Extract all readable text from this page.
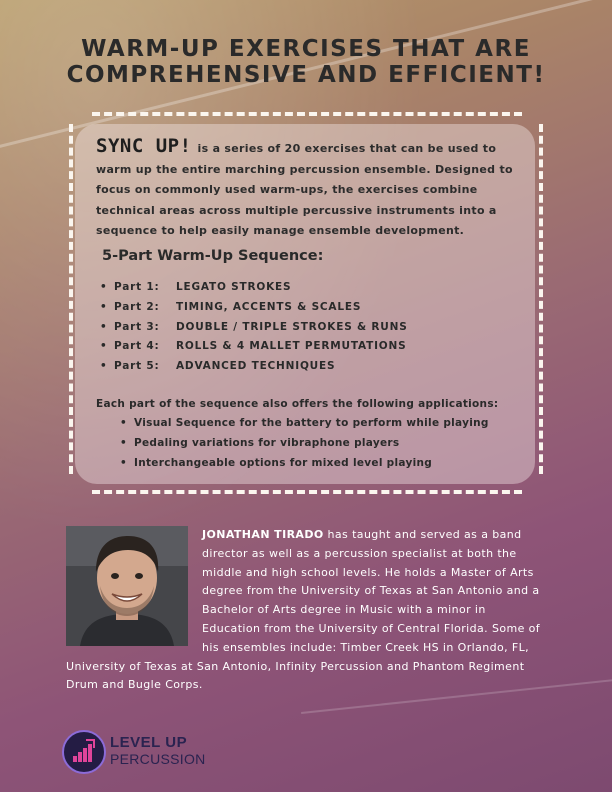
WARM-UP EXERCISES THAT ARE
COMPREHENSIVE AND EFFICIENT!

SYNC UP! is a series of 20 exercises that can be used to warm up the entire marching percussion ensemble. Designed to focus on commonly used warm-ups, the exercises combine technical areas across multiple percussive instruments into a sequence to help easily manage ensemble development.

5-Part Warm-Up Sequence:
• Part 1: LEGATO STROKES
• Part 2: TIMING, ACCENTS & SCALES
• Part 3: DOUBLE / TRIPLE STROKES & RUNS
• Part 4: ROLLS & 4 MALLET PERMUTATIONS
• Part 5: ADVANCED TECHNIQUES

Each part of the sequence also offers the following applications:

• Visual Sequence for the battery to perform while playing
• Pedaling variations for vibraphone players
• Interchangeable options for mixed level playing

JONATHAN TIRADO has taught and served as a band director as well as a percussion specialist at both the middle and high school levels. He holds a Master of Arts degree from the University of Texas at San Antonio and a Bachelor of Arts degree in Music with a minor in Education from the University of Central Florida. Some of his ensembles include: Timber Creek HS in Orlando, FL, University of Texas at San Antonio, Infinity Percussion and Phantom Regiment Drum and Bugle Corps.

LEVEL UP
PERCUSSION
